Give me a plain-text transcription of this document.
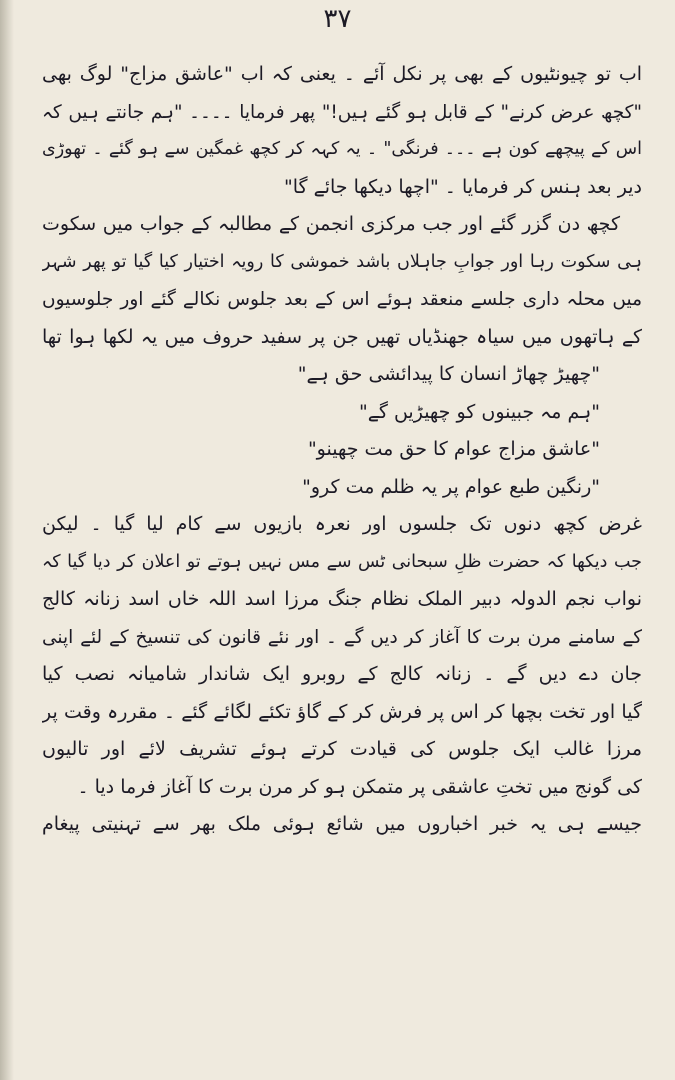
۳۷
اب تو چیونٹیوں کے بھی پر نکل آئے ۔ یعنی کہ اب "عاشق مزاج" لوگ بھی
"کچھ عرض کرنے" کے قابل ہو گئے ہیں!" پھر فرمایا ۔۔۔۔ "ہم جانتے ہیں کہ
اس کے پیچھے کون ہے ۔۔۔ فرنگی" ۔ یہ کہہ کر کچھ غمگین سے ہو گئے ۔ تھوڑی
دیر بعد ہنس کر فرمایا ۔ "اچھا دیکھا جائے گا"
کچھ دن گزر گئے اور جب مرکزی انجمن کے مطالبہ کے جواب میں سکوت
ہی سکوت رہا اور جوابِ جاہلاں باشد خموشی کا رویہ اختیار کیا گیا تو پھر شہر
میں محلہ داری جلسے منعقد ہوئے اس کے بعد جلوس نکالے گئے اور جلوسیوں
کے ہاتھوں میں سیاہ جھنڈیاں تھیں جن پر سفید حروف میں یہ لکھا ہوا تھا
"چھیڑ چھاڑ انسان کا پیدائشی حق ہے"
"ہم مہ جبینوں کو چھیڑیں گے"
"عاشق مزاج عوام کا حق مت چھینو"
"رنگین طبع عوام پر یہ ظلم مت کرو"
غرض کچھ دنوں تک جلسوں اور نعرہ بازیوں سے کام لیا گیا ۔ لیکن
جب دیکھا کہ حضرت ظلِ سبحانی ٹس سے مس نہیں ہوتے تو اعلان کر دیا گیا کہ
نواب نجم الدولہ دبیر الملک نظام جنگ مرزا اسد اللہ خاں اسد زنانہ کالج
کے سامنے مرن برت کا آغاز کر دیں گے ۔ اور نئے قانون کی تنسیخ کے لئے اپنی
جان دے دیں گے ۔ زنانہ کالج کے روبرو ایک شاندار شامیانہ نصب کیا
گیا اور تخت بچھا کر اس پر فرش کر کے گاؤ تکئے لگائے گئے ۔ مقررہ وقت پر
مرزا غالب ایک جلوس کی قیادت کرتے ہوئے تشریف لائے اور تالیوں
کی گونج میں تختِ عاشقی پر متمکن ہو کر مرن برت کا آغاز فرما دیا ۔
جیسے ہی یہ خبر اخباروں میں شائع ہوئی ملک بھر سے تہنیتی پیغام
